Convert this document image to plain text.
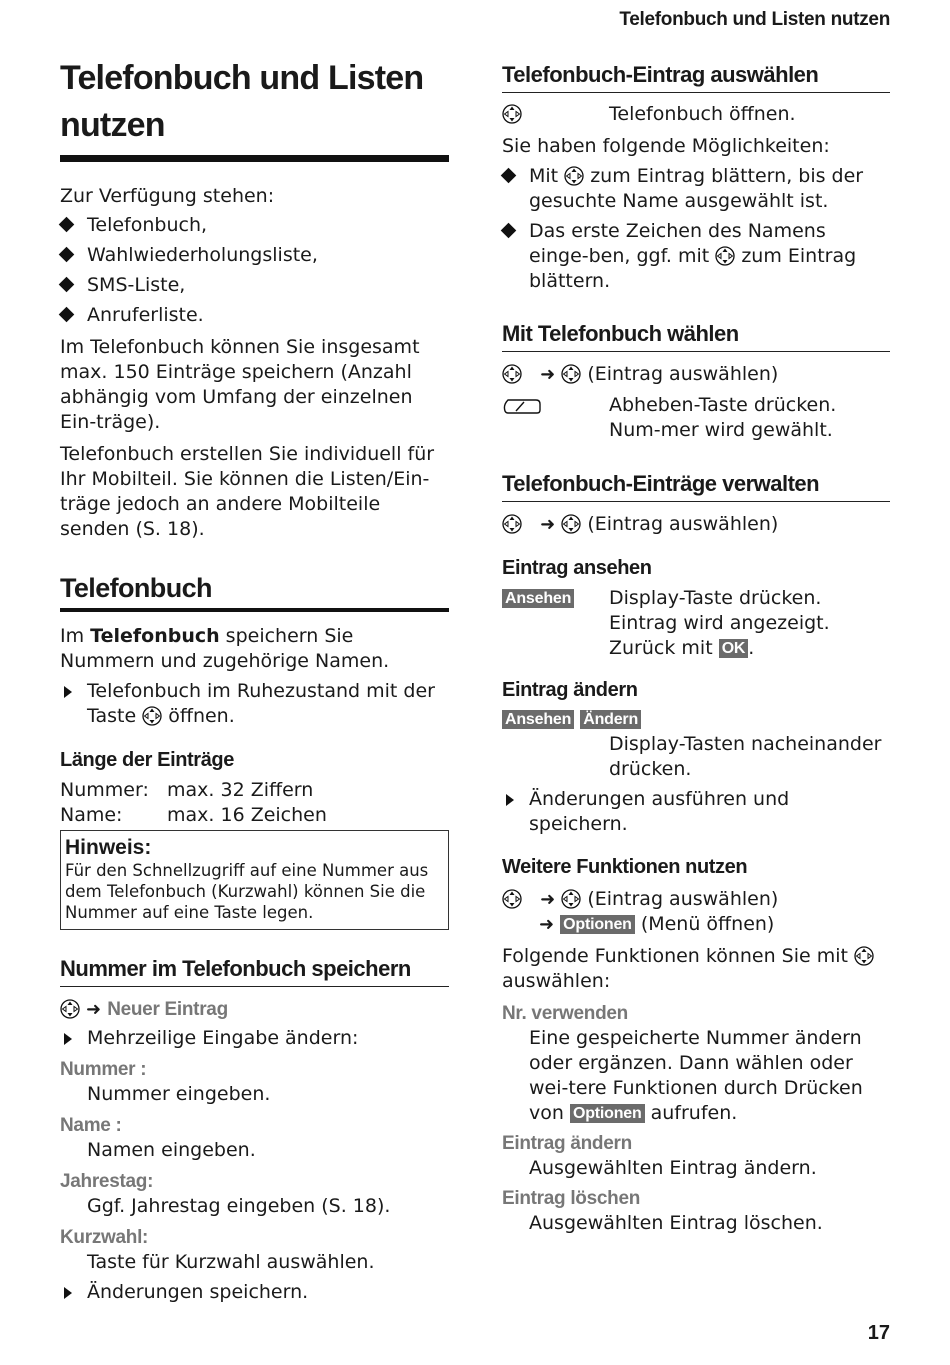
Telefonbuch und Listen nutzen
Telefonbuch und Listen nutzen

Zur Verfügung stehen:

Telefonbuch,
Wahlwiederholungsliste,
SMS-Liste,
Anruferliste.

Im Telefonbuch können Sie insgesamt max. 150 Einträge speichern (Anzahl abhängig vom Umfang der einzelnen Ein-träge).

Telefonbuch erstellen Sie individuell für Ihr Mobilteil. Sie können die Listen/Ein-träge jedoch an andere Mobilteile senden (S. 18).

Telefonbuch

Im Telefonbuch speichern Sie Nummern und zugehörige Namen.

Telefonbuch im Ruhezustand mit der Taste  öffnen.
Länge der Einträge
Nummer: max. 32 Ziffern
Name:	max. 16 Zeichen
Hinweis:

Für den Schnellzugriff auf eine Nummer aus dem Telefonbuch (Kurzwahl) können Sie die Nummer auf eine Taste legen.

Nummer im Telefonbuch speichern
➜ Neuer Eintrag
Mehrzeilige Eingabe ändern:
Nummer :

Nummer eingeben.

Name :

Namen eingeben.

Jahrestag:

Ggf. Jahrestag eingeben (S. 18).

Kurzwahl:

Taste für Kurzwahl auswählen.

Änderungen speichern.
Telefonbuch-Eintrag auswählen
Telefonbuch öffnen.

Sie haben folgende Möglichkeiten:

Mit  zum Eintrag blättern, bis der gesuchte Name ausgewählt ist.
Das erste Zeichen des Namens einge-ben, ggf. mit  zum Eintrag blättern.
Mit Telefonbuch wählen
➜ (Eintrag auswählen)
Abheben-Taste drücken. Num-mer wird gewählt.
Telefonbuch-Einträge verwalten
➜ (Eintrag auswählen)
Eintrag ansehen
Ansehen	Display-Taste drücken. Eintrag wird angezeigt.
Zurück mit OK .
Eintrag ändern
Ansehen Ändern

Display-Tasten nacheinander drücken.

Änderungen ausführen und speichern.
Weitere Funktionen nutzen
➜ (Eintrag auswählen)
➜ Optionen (Menü öffnen)

Folgende Funktionen können Sie mit  auswählen:

Nr. verwenden

Eine gespeicherte Nummer ändern oder ergänzen. Dann wählen oder wei-tere Funktionen durch Drücken von Optionen aufrufen.

Eintrag ändern

Ausgewählten Eintrag ändern.

Eintrag löschen

Ausgewählten Eintrag löschen.

17
